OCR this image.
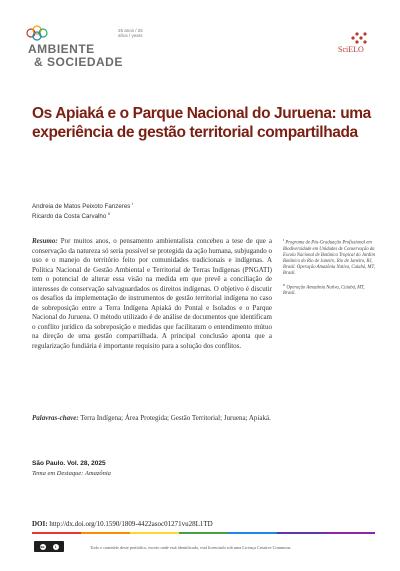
25 anos / 25 años / years
AMBIENTE
& SOCIEDADE
SciELO
Os Apiaká e o Parque Nacional do Juruena: uma experiência de gestão territorial compartilhada
Andreia de Matos Peixoto Fanzeres $^I$
Ricardo da Costa Carvalho $^{II}$
Resumo: Por muitos anos, o pensamento ambientalista concebeu a tese de que a conservação da natureza só seria possível se protegida da ação humana, subjugando o uso e o manejo do território feito por comunidades tradicionais e indígenas. A Política Nacional de Gestão Ambiental e Territorial de Terras Indígenas (PNGATI) tem o potencial de alterar essa visão na medida em que prevê a conciliação de interesses de conservação salvaguardados os direitos indígenas. O objetivo é discutir os desafios da implementação de instrumentos de gestão territorial indígena no caso de sobreposição entre a Terra Indígena Apiaká do Pontal e Isolados e o Parque Nacional do Juruena. O método utilizado é de análise de documentos que identificam o conflito jurídico da sobreposição e medidas que facilitaram o entendimento mútuo na direção de uma gestão compartilhada. A principal conclusão aponta que a regularização fundiária é importante requisito para a solução dos conflitos.

$^I$ Programa de Pós-Graduação Profissional em Biodiversidade em Unidades de Conservação da Escola Nacional de Botânica Tropical do Jardim Botânico do Rio de Janeiro, Rio de Janeiro, RJ, Brasil. Operação Amazônia Nativa, Cuiabá, MT, Brasil.

$^{II}$ Operação Amazônia Nativa, Cuiabá, MT, Brasil.

Palavras-chave: Terra Indígena; Área Protegida; Gestão Territorial; Juruena; Apiaká.
São Paulo. Vol. 28, 2025
Tema em Destaque: Amazônia
DOI: http://dx.doi.org/10.1590/1809-4422asoc01271vu28L1TD
cc	i	Todo o conteúdo deste periódico, exceto onde está identificado, está licenciado sob uma Licença Creative Commons.
